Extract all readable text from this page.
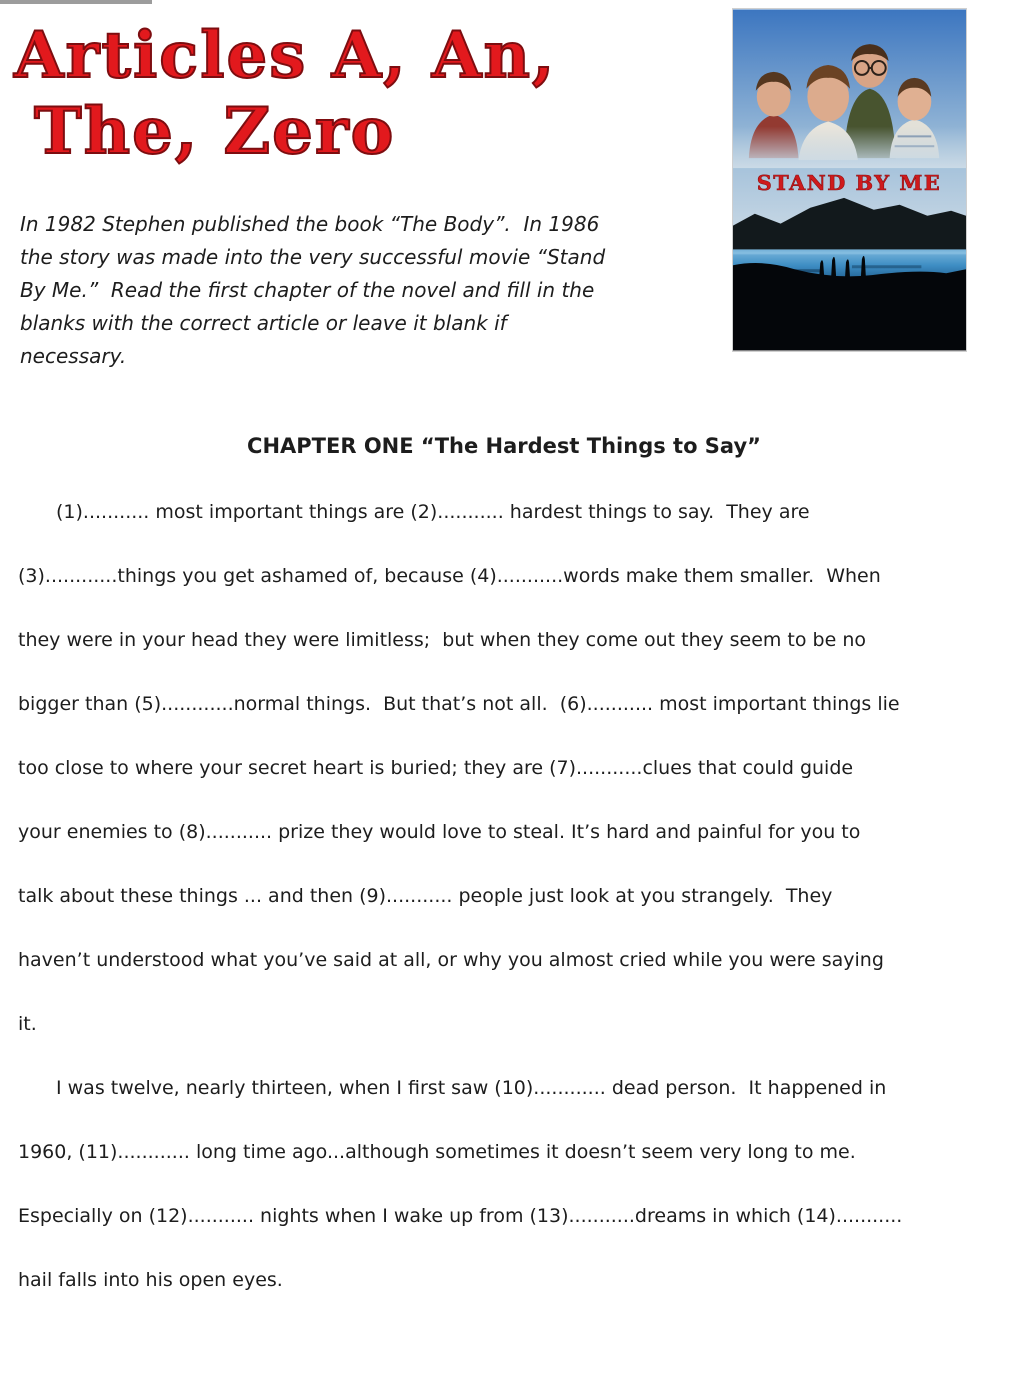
Articles A, An,
The, Zero
In 1982 Stephen published the book “The Body”.  In 1986
the story was made into the very successful movie “Stand
By Me.”  Read the first chapter of the novel and fill in the
blanks with the correct article or leave it blank if
necessary.
STAND BY ME
CHAPTER ONE “The Hardest Things to Say”
(1)........... most important things are (2)........... hardest things to say.  They are
(3)............things you get ashamed of, because (4)...........words make them smaller.  When
they were in your head they were limitless;  but when they come out they seem to be no
bigger than (5)............normal things.  But that’s not all.  (6)........... most important things lie
too close to where your secret heart is buried; they are (7)...........clues that could guide
your enemies to (8)........... prize they would love to steal. It’s hard and painful for you to
talk about these things ... and then (9)........... people just look at you strangely.  They
haven’t understood what you’ve said at all, or why you almost cried while you were saying
it.
I was twelve, nearly thirteen, when I first saw (10)............ dead person.  It happened in
1960, (11)............ long time ago...although sometimes it doesn’t seem very long to me.
Especially on (12)........... nights when I wake up from (13)...........dreams in which (14)...........
hail falls into his open eyes.
